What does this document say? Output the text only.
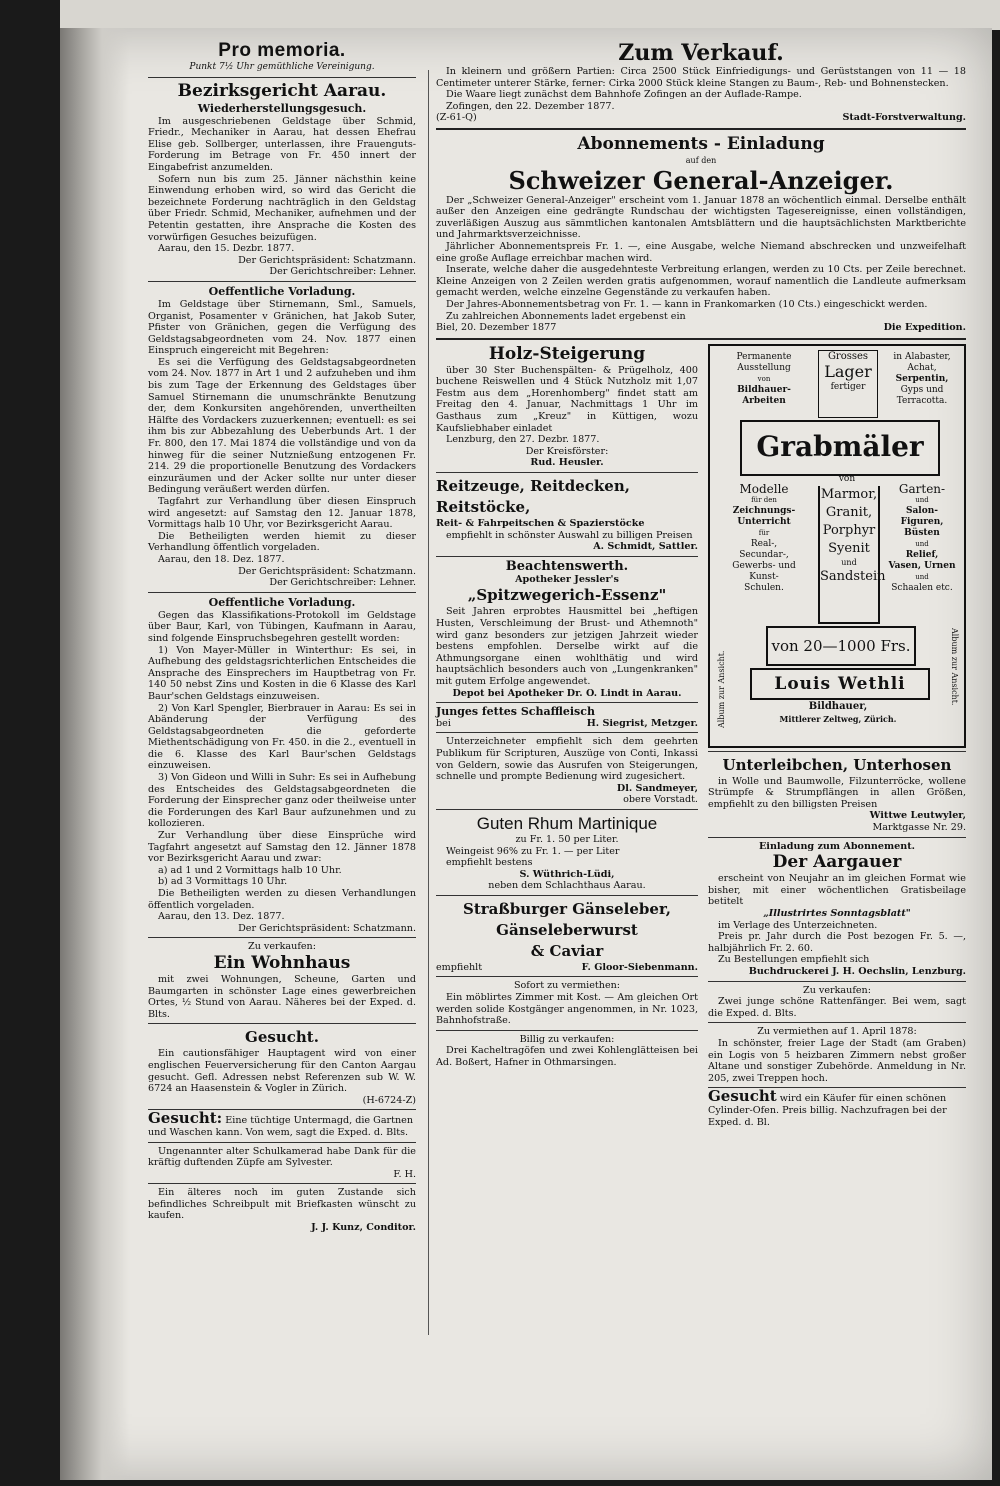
Pro memoria.
Punkt 7½ Uhr gemüthliche Vereinigung.
Bezirksgericht Aarau.
Wiederherstellungsgesuch.

Im ausgeschriebenen Geldstage über Schmid, Friedr., Mechaniker in Aarau, hat dessen Ehefrau Elise geb. Sollberger, unterlassen, ihre Frauenguts-Forderung im Betrage von Fr. 450 innert der Eingabefrist anzumelden.

Sofern nun bis zum 25. Jänner nächsthin keine Einwendung erhoben wird, so wird das Gericht die bezeichnete Forderung nachträglich in den Geldstag über Friedr. Schmid, Mechaniker, aufnehmen und der Petentin gestatten, ihre Ansprache die Kosten des vorwürfigen Gesuches beizufügen.

Aarau, den 15. Dezbr. 1877.

Der Gerichtspräsident: Schatzmann.

Der Gerichtschreiber: Lehner.

Oeffentliche Vorladung.

Im Geldstage über Stirnemann, Sml., Samuels, Organist, Posamenter v Gränichen, hat Jakob Suter, Pfister von Gränichen, gegen die Verfügung des Geldstagsabgeordneten vom 24. Nov. 1877 einen Einspruch eingereicht mit Begehren:

Es sei die Verfügung des Geldstagsabgeordneten vom 24. Nov. 1877 in Art 1 und 2 aufzuheben und ihm bis zum Tage der Erkennung des Geldstages über Samuel Stirnemann die unumschränkte Benutzung der, dem Konkursiten angehörenden, unvertheilten Hälfte des Vordackers zuzuerkennen; eventuell: es sei ihm bis zur Abbezahlung des Ueberbunds Art. 1 der Fr. 800, den 17. Mai 1874 die vollständige und von da hinweg für die seiner Nutznießung entzogenen Fr. 214. 29 die proportionelle Benutzung des Vordackers einzuräumen und der Acker sollte nur unter dieser Bedingung veräußert werden dürfen.

Tagfahrt zur Verhandlung über diesen Einspruch wird angesetzt: auf Samstag den 12. Januar 1878, Vormittags halb 10 Uhr, vor Bezirksgericht Aarau.

Die Betheiligten werden hiemit zu dieser Verhandlung öffentlich vorgeladen.

Aarau, den 18. Dez. 1877.

Der Gerichtspräsident: Schatzmann.

Der Gerichtschreiber: Lehner.

Oeffentliche Vorladung.

Gegen das Klassifikations-Protokoll im Geldstage über Baur, Karl, von Tübingen, Kaufmann in Aarau, sind folgende Einspruchsbegehren gestellt worden:

1) Von Mayer-Müller in Winterthur: Es sei, in Aufhebung des geldstagsrichterlichen Entscheides die Ansprache des Einsprechers im Hauptbetrag von Fr. 140 50 nebst Zins und Kosten in die 6 Klasse des Karl Baur'schen Geldstags einzuweisen.

2) Von Karl Spengler, Bierbrauer in Aarau: Es sei in Abänderung der Verfügung des Geldstagsabgeordneten die geforderte Miethentschädigung von Fr. 450. in die 2., eventuell in die 6. Klasse des Karl Baur'schen Geldstags einzuweisen.

3) Von Gideon und Willi in Suhr: Es sei in Aufhebung des Entscheides des Geldstagsabgeordneten die Forderung der Einsprecher ganz oder theilweise unter die Forderungen des Karl Baur aufzunehmen und zu kollozieren.

Zur Verhandlung über diese Einsprüche wird Tagfahrt angesetzt auf Samstag den 12. Jänner 1878 vor Bezirksgericht Aarau und zwar:

a) ad 1 und 2 Vormittags halb 10 Uhr.

b) ad 3 Vormittags 10 Uhr.

Die Betheiligten werden zu diesen Verhandlungen öffentlich vorgeladen.

Aarau, den 13. Dez. 1877.

Der Gerichtspräsident: Schatzmann.

Zu verkaufen:
Ein Wohnhaus

mit zwei Wohnungen, Scheune, Garten und Baumgarten in schönster Lage eines gewerbreichen Ortes, ½ Stund von Aarau. Näheres bei der Exped. d. Blts.

Gesucht.

Ein cautionsfähiger Hauptagent wird von einer englischen Feuerversicherung für den Canton Aargau gesucht. Gefl. Adressen nebst Referenzen sub W. W. 6724 an Haasenstein & Vogler in Zürich.

(H-6724-Z)

Gesucht: Eine tüchtige Untermagd, die Gartnen und Waschen kann. Von wem, sagt die Exped. d. Blts.

Ungenannter alter Schulkamerad habe Dank für die kräftig duftenden Züpfe am Sylvester.

F. H.

Ein älteres noch im guten Zustande sich befindliches Schreibpult mit Briefkasten wünscht zu kaufen.

J. J. Kunz, Conditor.

Zum Verkauf.

In kleinern und größern Partien: Circa 2500 Stück Einfriedigungs- und Gerüststangen von 11 — 18 Centimeter unterer Stärke, ferner: Cirka 2000 Stück kleine Stangen zu Baum-, Reb- und Bohnenstecken.

Die Waare liegt zunächst dem Bahnhofe Zofingen an der Auflade-Rampe.

Zofingen, den 22. Dezember 1877.

(Z-61-Q)	Stadt-Forstverwaltung.
Abonnements - Einladung
auf den
Schweizer General-Anzeiger.

Der „Schweizer General-Anzeiger" erscheint vom 1. Januar 1878 an wöchentlich einmal. Derselbe enthält außer den Anzeigen eine gedrängte Rundschau der wichtigsten Tagesereignisse, einen vollständigen, zuverläßigen Auszug aus sämmtlichen kantonalen Amtsblättern und die hauptsächlichsten Marktberichte und Jahrmarktsverzeichnisse.

Jährlicher Abonnementspreis Fr. 1. —, eine Ausgabe, welche Niemand abschrecken und unzweifelhaft eine große Auflage erreichbar machen wird.

Inserate, welche daher die ausgedehnteste Verbreitung erlangen, werden zu 10 Cts. per Zeile berechnet. Kleine Anzeigen von 2 Zeilen werden gratis aufgenommen, worauf namentlich die Landleute aufmerksam gemacht werden, welche einzelne Gegenstände zu verkaufen haben.

Der Jahres-Abonnementsbetrag von Fr. 1. — kann in Frankomarken (10 Cts.) eingeschickt werden.

Zu zahlreichen Abonnements ladet ergebenst ein

Biel, 20. Dezember 1877	Die Expedition.
Holz-Steigerung

über 30 Ster Buchenspälten- & Prügelholz, 400 buchene Reiswellen und 4 Stück Nutzholz mit 1,07 Festm aus dem „Horenhomberg" findet statt am Freitag den 4. Januar, Nachmittags 1 Uhr im Gasthaus zum „Kreuz" in Küttigen, wozu Kaufsliebhaber einladet

Lenzburg, den 27. Dezbr. 1877.

Der Kreisförster:

Rud. Heusler.

Reitzeuge, Reitdecken, Reitstöcke,
Reit- & Fahrpeitschen & Spazierstöcke

empfiehlt in schönster Auswahl zu billigen Preisen

A. Schmidt, Sattler.

Beachtenswerth.
Apotheker Jessler's
„Spitzwegerich-Essenz"

Seit Jahren erprobtes Hausmittel bei „heftigen Husten, Verschleimung der Brust- und Athemnoth" wird ganz besonders zur jetzigen Jahrzeit wieder bestens empfohlen. Derselbe wirkt auf die Athmungsorgane einen wohlthätig und wird hauptsächlich besonders auch von „Lungenkranken" mit gutem Erfolge angewendet.

Depot bei Apotheker Dr. O. Lindt in Aarau.

Junges fettes Schaffleisch
bei	H. Siegrist, Metzger.

Unterzeichneter empfiehlt sich dem geehrten Publikum für Scripturen, Auszüge von Conti, Inkassi von Geldern, sowie das Ausrufen von Steigerungen, schnelle und prompte Bedienung wird zugesichert.

Dl. Sandmeyer,

obere Vorstadt.

Guten Rhum Martinique

zu Fr. 1. 50 per Liter.

Weingeist 96% zu Fr. 1. — per Liter

empfiehlt bestens

S. Wüthrich-Lüdi,

neben dem Schlachthaus Aarau.

Straßburger Gänseleber,
Gänseleberwurst
& Caviar
empfiehlt	F. Gloor-Siebenmann.
Sofort zu vermiethen:

Ein möblirtes Zimmer mit Kost. — Am gleichen Ort werden solide Kostgänger angenommen, in Nr. 1023, Bahnhofstraße.

Billig zu verkaufen:

Drei Kacheltragöfen und zwei Kohlenglätteisen bei Ad. Boßert, Hafner in Othmarsingen.

Permanente
Ausstellung
von
Bildhauer-
Arbeiten
Grosses
Lager
fertiger
in Alabaster,
Achat,
Serpentin,
Gyps und
Terracotta.
Grabmäler
von
Modelle
für den
Zeichnungs-
Unterricht
für
Real-,
Secundar-,
Gewerbs- und
Kunst-
Schulen.
Marmor,
Granit,
Porphyr
Syenit
und
Sandstein
Garten-
und
Salon-
Figuren,
Büsten
und
Relief,
Vasen, Urnen
und
Schaalen etc.
von 20—1000 Frs.
Album zur Ansicht.	Album zur Ansicht.
Louis Wethli
Bildhauer,
Mittlerer Zeltweg, Zürich.
Unterleibchen, Unterhosen

in Wolle und Baumwolle, Filzunterröcke, wollene Strümpfe & Strumpflängen in allen Größen, empfiehlt zu den billigsten Preisen

Wittwe Leutwyler,

Marktgasse Nr. 29.

Einladung zum Abonnement.
Der Aargauer

erscheint von Neujahr an im gleichen Format wie bisher, mit einer wöchentlichen Gratisbeilage betitelt

„Illustrirtes Sonntagsblatt"

im Verlage des Unterzeichneten.

Preis pr. Jahr durch die Post bezogen Fr. 5. —, halbjährlich Fr. 2. 60.

Zu Bestellungen empfiehlt sich

Buchdruckerei J. H. Oechslin, Lenzburg.

Zu verkaufen:

Zwei junge schöne Rattenfänger. Bei wem, sagt die Exped. d. Blts.

Zu vermiethen auf 1. April 1878:

In schönster, freier Lage der Stadt (am Graben) ein Logis von 5 heizbaren Zimmern nebst großer Altane und sonstiger Zubehörde. Anmeldung in Nr. 205, zwei Treppen hoch.

Gesucht wird ein Käufer für einen schönen Cylinder-Ofen. Preis billig. Nachzufragen bei der Exped. d. Bl.
